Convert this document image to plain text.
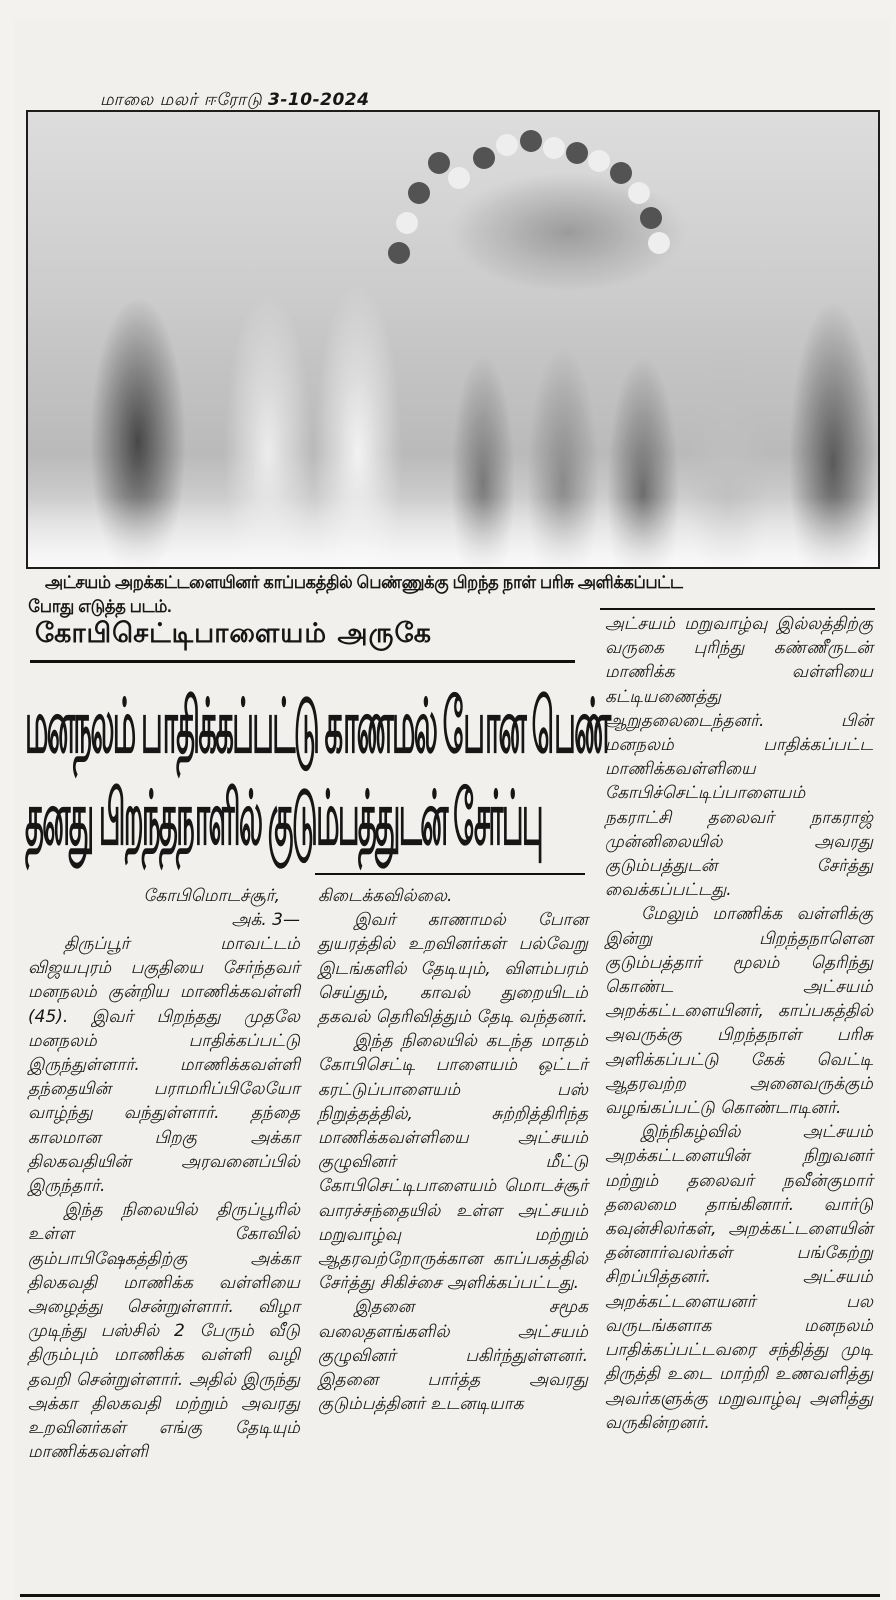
மாலை மலர் ஈரோடு 3-10-2024
அட்சயம் அறக்கட்டளையினர் காப்பகத்தில் பெண்ணுக்கு பிறந்த நாள் பரிசு அளிக்கப்பட்ட
போது எடுத்த படம்.
கோபிசெட்டிபாளையம் அருகே
மனநலம் பாதிக்கப்பட்டு காணமல் போன பெண்
தனது பிறந்தநாளில் குடும்பத்துடன் சேர்ப்பு
கோபிமொடச்சூர்,
அக். 3—

திருப்பூர் மாவட்டம் விஜயபுரம் பகுதியை சேர்ந்தவர் மனநலம் குன்றிய மாணிக்கவள்ளி (45). இவர் பிறந்தது முதலே மனநலம் பாதிக்கப்பட்டு இருந்துள்ளார். மாணிக்கவள்ளி தந்தையின் பராமரிப்பிலேயோ வாழ்ந்து வந்துள்ளார். தந்தை காலமான பிறகு அக்கா திலகவதியின் அரவனைப்பில் இருந்தார்.

இந்த நிலையில் திருப்பூரில் உள்ள கோவில் கும்பாபிஷேகத்திற்கு அக்கா திலகவதி மாணிக்க வள்ளியை அழைத்து சென்றுள்ளார். விழா முடிந்து பஸ்சில் 2 பேரும் வீடு திரும்பும் மாணிக்க வள்ளி வழி தவறி சென்றுள்ளார். அதில் இருந்து அக்கா திலகவதி மற்றும் அவரது உறவினர்கள் எங்கு தேடியும் மாணிக்கவள்ளி

கிடைக்கவில்லை.

இவர் காணாமல் போன துயரத்தில் உறவினர்கள் பல்வேறு இடங்களில் தேடியும், விளம்பரம் செய்தும், காவல் துறையிடம் தகவல் தெரிவித்தும் தேடி வந்தனர்.

இந்த நிலையில் கடந்த மாதம் கோபிசெட்டி பாளையம் ஒட்டர் கரட்டுப்பாளையம் பஸ் நிறுத்தத்தில், சுற்றித்திரிந்த மாணிக்கவள்ளியை அட்சயம் குழுவினர் மீட்டு கோபிசெட்டிபாளையம் மொடச்சூர் வாரச்சந்தையில் உள்ள அட்சயம் மறுவாழ்வு மற்றும் ஆதரவற்றோருக்கான காப்பகத்தில் சேர்த்து சிகிச்சை அளிக்கப்பட்டது.

இதனை சமூக வலைதளங்களில் அட்சயம் குழுவினர் பகிர்ந்துள்ளனர். இதனை பார்த்த அவரது குடும்பத்தினர் உடனடியாக

அட்சயம் மறுவாழ்வு இல்லத்திற்கு வருகை புரிந்து கண்ணீருடன் மாணிக்க வள்ளியை கட்டியணைத்து ஆறுதலைடைந்தனர். பின் மனநலம் பாதிக்கப்பட்ட மாணிக்கவள்ளியை கோபிச்செட்டிப்பாளையம் நகராட்சி தலைவர் நாகராஜ் முன்னிலையில் அவரது குடும்பத்துடன் சேர்த்து வைக்கப்பட்டது.

மேலும் மாணிக்க வள்ளிக்கு இன்று பிறந்தநாளென குடும்பத்தார் மூலம் தெரிந்து கொண்ட அட்சயம் அறக்கட்டளையினர், காப்பகத்தில் அவருக்கு பிறந்தநாள் பரிசு அளிக்கப்பட்டு கேக் வெட்டி ஆதரவற்ற அனைவருக்கும் வழங்கப்பட்டு கொண்டாடினர்.

இந்நிகழ்வில் அட்சயம் அறக்கட்டளையின் நிறுவனர் மற்றும் தலைவர் நவீன்குமார் தலைமை தாங்கினார். வார்டு கவுன்சிலர்கள், அறக்கட்டளையின் தன்னார்வலர்கள் பங்கேற்று சிறப்பித்தனர். அட்சயம் அறக்கட்டளையனர் பல வருடங்களாக மனநலம் பாதிக்கப்பட்டவரை சந்தித்து முடி திருத்தி உடை மாற்றி உணவளித்து அவர்களுக்கு மறுவாழ்வு அளித்து வருகின்றனர்.
